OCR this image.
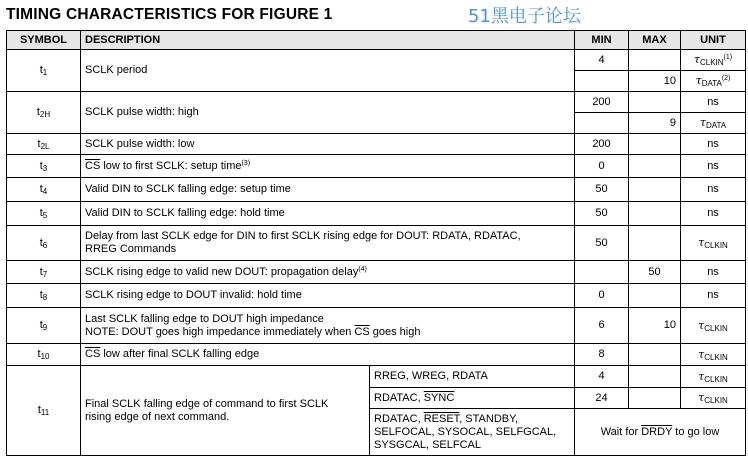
TIMING CHARACTERISTICS FOR FIGURE 1	51黑电子论坛
SYMBOL	DESCRIPTION		MIN	MAX	UNIT
$t_1$	SCLK period		4		$\tau_{CLKIN}^{(1)}$
				10	$\tau_{DATA}^{(2)}$
$t_{2H}$	SCLK pulse width: high		200		ns
				9	$\tau_{DATA}$
$t_{2L}$	SCLK pulse width: low		200		ns
$t_3$	$\overline{CS}$ low to first SCLK: setup time$^{(3)}$		0		ns
$t_4$	Valid DIN to SCLK falling edge: setup time		50		ns
$t_5$	Valid DIN to SCLK falling edge: hold time		50		ns
$t_6$	Delay from last SCLK edge for DIN to first SCLK rising edge for DOUT: RDATA, RDATAC,
RREG Commands		50		$\tau_{CLKIN}$
$t_7$	SCLK rising edge to valid new DOUT: propagation delay$^{(4)}$			50	ns
$t_8$	SCLK rising edge to DOUT invalid: hold time		0		ns
$t_9$	Last SCLK falling edge to DOUT high impedance
NOTE: DOUT goes high impedance immediately when $\overline{CS}$ goes high		6	10	$\tau_{CLKIN}$
$t_{10}$	$\overline{CS}$ low after final SCLK falling edge		8		$\tau_{CLKIN}$
$t_{11}$	Final SCLK falling edge of command to first SCLK
rising edge of next command.	RREG, WREG, RDATA	4		$\tau_{CLKIN}$
		RDATAC, SYNC	24		$\tau_{CLKIN}$
		RDATAC, RESET, STANDBY,
SELFOCAL, SYSOCAL, SELFGCAL,
SYSGCAL, SELFCAL	Wait for DRDY to go low		
